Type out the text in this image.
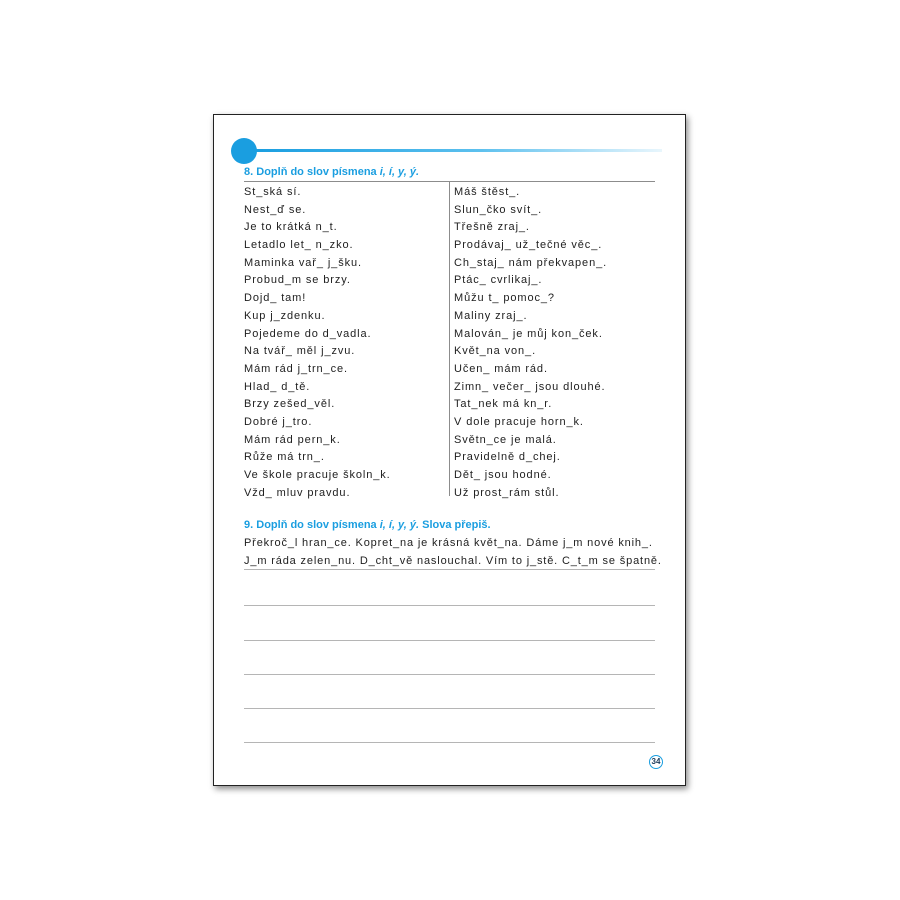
8. Doplň do slov písmena i, í, y, ý.
St_ská sí.
Nest_ď se.
Je to krátká n_t.
Letadlo let_ n_zko.
Maminka vař_ j_šku.
Probud_m se brzy.
Dojd_ tam!
Kup j_zdenku.
Pojedeme do d_vadla.
Na tvář_ měl j_zvu.
Mám rád j_trn_ce.
Hlad_ d_tě.
Brzy zešed_věl.
Dobré j_tro.
Mám rád pern_k.
Růže má trn_.
Ve škole pracuje školn_k.
Vžd_ mluv pravdu.
Máš štěst_.
Slun_čko svít_.
Třešně zraj_.
Prodávaj_ už_tečné věc_.
Ch_staj_ nám překvapen_.
Ptác_ cvrlikaj_.
Můžu t_ pomoc_?
Maliny zraj_.
Malován_ je můj kon_ček.
Květ_na von_.
Učen_ mám rád.
Zimn_ večer_ jsou dlouhé.
Tat_nek má kn_r.
V dole pracuje horn_k.
Světn_ce je malá.
Pravidelně d_chej.
Dět_ jsou hodné.
Už prost_rám stůl.
9. Doplň do slov písmena i, í, y, ý. Slova přepiš.
Překroč_l hran_ce. Kopret_na je krásná květ_na. Dáme j_m nové knih_.
J_m ráda zelen_nu. D_cht_vě naslouchal. Vím to j_stě. C_t_m se špatně.
34
